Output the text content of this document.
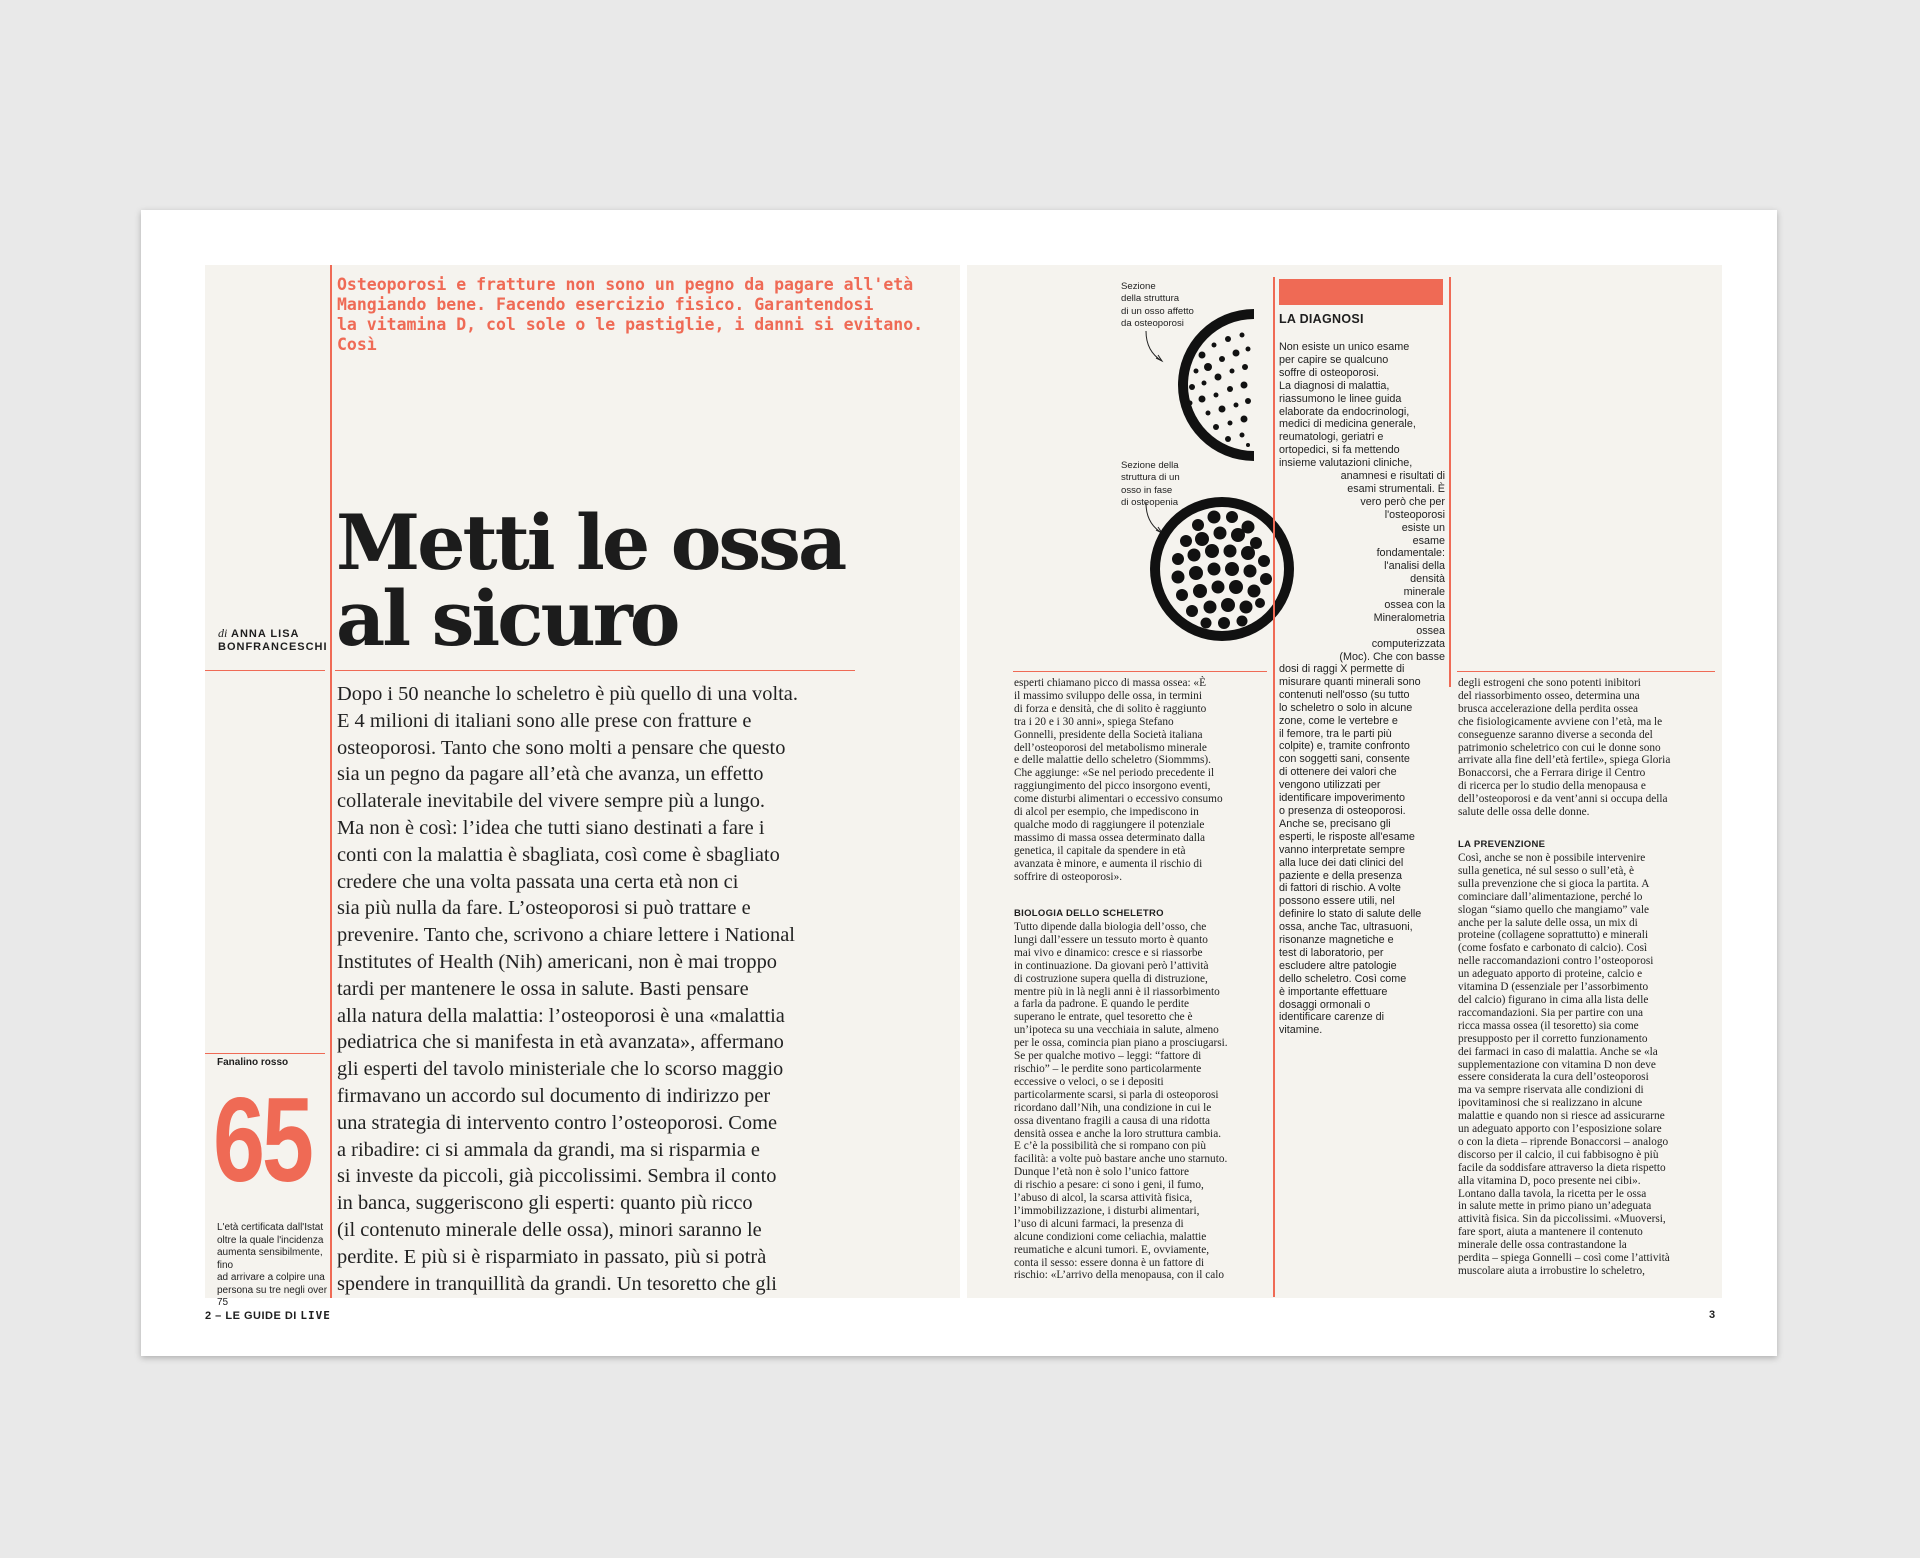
Osteoporosi e fratture non sono un pegno da pagare all'età
Mangiando bene. Facendo esercizio fisico. Garantendosi
la vitamina D, col sole o le pastiglie, i danni si evitano. Così
Metti le ossa
al sicuro
di ANNA LISA
BONFRANCESCHI
Dopo i 50 neanche lo scheletro è più quello di una volta.
E 4 milioni di italiani sono alle prese con fratture e
osteoporosi. Tanto che sono molti a pensare che questo
sia un pegno da pagare all’età che avanza, un effetto
collaterale inevitabile del vivere sempre più a lungo.
Ma non è così: l’idea che tutti siano destinati a fare i
conti con la malattia è sbagliata, così come è sbagliato
credere che una volta passata una certa età non ci
sia più nulla da fare. L’osteoporosi si può trattare e
prevenire. Tanto che, scrivono a chiare lettere i National
Institutes of Health (Nih) americani, non è mai troppo
tardi per mantenere le ossa in salute. Basti pensare
alla natura della malattia: l’osteoporosi è una «malattia
pediatrica che si manifesta in età avanzata», affermano
gli esperti del tavolo ministeriale che lo scorso maggio
firmavano un accordo sul documento di indirizzo per
una strategia di intervento contro l’osteoporosi. Come
a ribadire: ci si ammala da grandi, ma si risparmia e
si investe da piccoli, già piccolissimi. Sembra il conto
in banca, suggeriscono gli esperti: quanto più ricco
(il contenuto minerale delle ossa), minori saranno le
perdite. E più si è risparmiato in passato, più si potrà
spendere in tranquillità da grandi. Un tesoretto che gli
Fanalino rosso
65
L'età certificata dall'Istat
oltre la quale l'incidenza
aumenta sensibilmente, fino
ad arrivare a colpire una
persona su tre negli over 75
2 – LE GUIDE DI LIVE
Sezione
della struttura
di un osso affetto
da osteoporosi
Sezione della
struttura di un
osso in fase
di osteopenia
LA DIAGNOSI
Non esiste un unico esame
per capire se qualcuno
soffre di osteoporosi.
La diagnosi di malattia,
riassumono le linee guida
elaborate da endocrinologi,
medici di medicina generale,
reumatologi, geriatri e
ortopedici, si fa mettendo
insieme valutazioni cliniche,
anamnesi e risultati di
esami strumentali. È
vero però che per
l'osteoporosi
esiste un
esame
fondamentale:
l'analisi della
densità
minerale
ossea con la
Mineralometria
ossea
computerizzata
(Moc). Che con basse
dosi di raggi X permette di
misurare quanti minerali sono
contenuti nell'osso (su tutto
lo scheletro o solo in alcune
zone, come le vertebre e
il femore, tra le parti più
colpite) e, tramite confronto
con soggetti sani, consente
di ottenere dei valori che
vengono utilizzati per
identificare impoverimento
o presenza di osteoporosi.
Anche se, precisano gli
esperti, le risposte all'esame
vanno interpretate sempre
alla luce dei dati clinici del
paziente e della presenza
di fattori di rischio. A volte
possono essere utili, nel
definire lo stato di salute delle
ossa, anche Tac, ultrasuoni,
risonanze magnetiche e
test di laboratorio, per
escludere altre patologie
dello scheletro. Così come
è importante effettuare
dosaggi ormonali o
identificare carenze di
vitamine.
esperti chiamano picco di massa ossea: «È
il massimo sviluppo delle ossa, in termini
di forza e densità, che di solito è raggiunto
tra i 20 e i 30 anni», spiega Stefano
Gonnelli, presidente della Società italiana
dell’osteoporosi del metabolismo minerale
e delle malattie dello scheletro (Siommms).
Che aggiunge: «Se nel periodo precedente il
raggiungimento del picco insorgono eventi,
come disturbi alimentari o eccessivo consumo
di alcol per esempio, che impediscono in
qualche modo di raggiungere il potenziale
massimo di massa ossea determinato dalla
genetica, il capitale da spendere in età
avanzata è minore, e aumenta il rischio di
soffrire di osteoporosi».
BIOLOGIA DELLO SCHELETRO
Tutto dipende dalla biologia dell’osso, che
lungi dall’essere un tessuto morto è quanto
mai vivo e dinamico: cresce e si riassorbe
in continuazione. Da giovani però l’attività
di costruzione supera quella di distruzione,
mentre più in là negli anni è il riassorbimento
a farla da padrone. E quando le perdite
superano le entrate, quel tesoretto che è
un’ipoteca su una vecchiaia in salute, almeno
per le ossa, comincia pian piano a prosciugarsi.
Se per qualche motivo – leggi: “fattore di
rischio” – le perdite sono particolarmente
eccessive o veloci, o se i depositi
particolarmente scarsi, si parla di osteoporosi
ricordano dall’Nih, una condizione in cui le
ossa diventano fragili a causa di una ridotta
densità ossea e anche la loro struttura cambia.
E c’è la possibilità che si rompano con più
facilità: a volte può bastare anche uno starnuto.
Dunque l’età non è solo l’unico fattore
di rischio a pesare: ci sono i geni, il fumo,
l’abuso di alcol, la scarsa attività fisica,
l’immobilizzazione, i disturbi alimentari,
l’uso di alcuni farmaci, la presenza di
alcune condizioni come celiachia, malattie
reumatiche e alcuni tumori. E, ovviamente,
conta il sesso: essere donna è un fattore di
rischio: «L’arrivo della menopausa, con il calo
degli estrogeni che sono potenti inibitori
del riassorbimento osseo, determina una
brusca accelerazione della perdita ossea
che fisiologicamente avviene con l’età, ma le
conseguenze saranno diverse a seconda del
patrimonio scheletrico con cui le donne sono
arrivate alla fine dell’età fertile», spiega Gloria
Bonaccorsi, che a Ferrara dirige il Centro
di ricerca per lo studio della menopausa e
dell’osteoporosi e da vent’anni si occupa della
salute delle ossa delle donne.
LA PREVENZIONE
Così, anche se non è possibile intervenire
sulla genetica, né sul sesso o sull’età, è
sulla prevenzione che si gioca la partita. A
cominciare dall’alimentazione, perché lo
slogan “siamo quello che mangiamo” vale
anche per la salute delle ossa, un mix di
proteine (collagene soprattutto) e minerali
(come fosfato e carbonato di calcio). Così
nelle raccomandazioni contro l’osteoporosi
un adeguato apporto di proteine, calcio e
vitamina D (essenziale per l’assorbimento
del calcio) figurano in cima alla lista delle
raccomandazioni. Sia per partire con una
ricca massa ossea (il tesoretto) sia come
presupposto per il corretto funzionamento
dei farmaci in caso di malattia. Anche se «la
supplementazione con vitamina D non deve
essere considerata la cura dell’osteoporosi
ma va sempre riservata alle condizioni di
ipovitaminosi che si realizzano in alcune
malattie e quando non si riesce ad assicurarne
un adeguato apporto con l’esposizione solare
o con la dieta – riprende Bonaccorsi – analogo
discorso per il calcio, il cui fabbisogno è più
facile da soddisfare attraverso la dieta rispetto
alla vitamina D, poco presente nei cibi».
Lontano dalla tavola, la ricetta per le ossa
in salute mette in primo piano un’adeguata
attività fisica. Sin da piccolissimi. «Muoversi,
fare sport, aiuta a mantenere il contenuto
minerale delle ossa contrastandone la
perdita – spiega Gonnelli – così come l’attività
muscolare aiuta a irrobustire lo scheletro,
3
